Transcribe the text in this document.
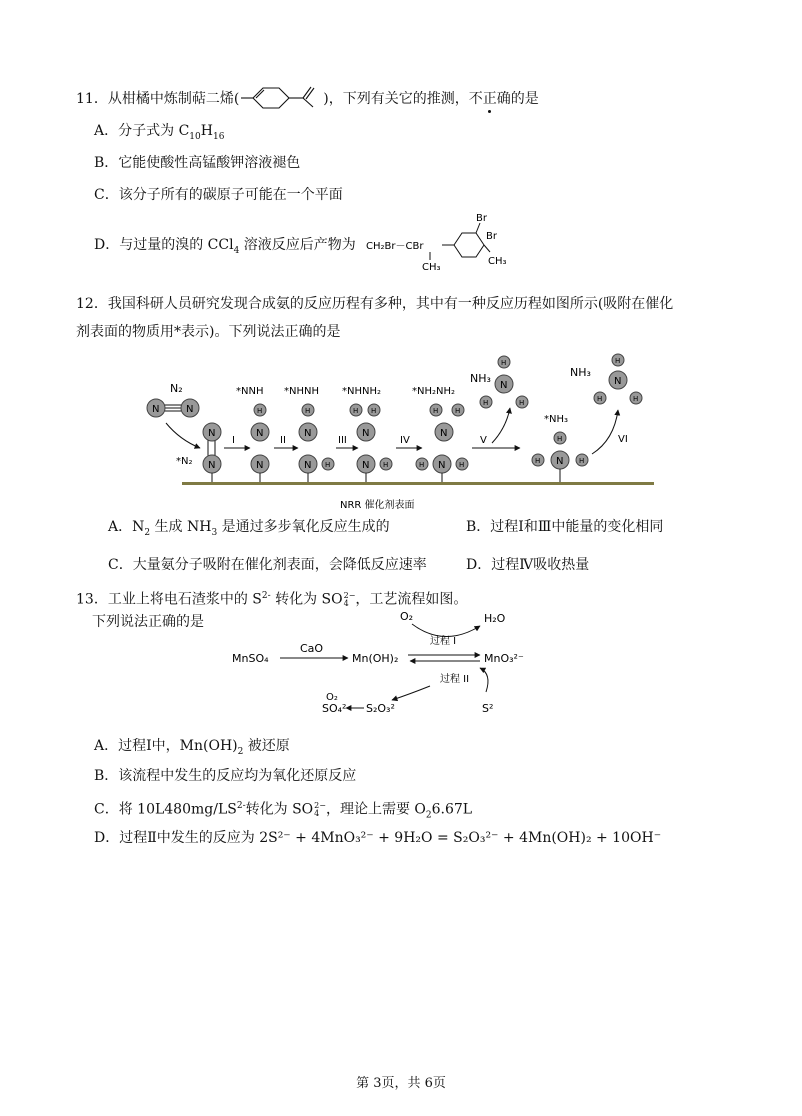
11．从柑橘中炼制萜二烯(	)，下列有关它的推测，不正确的是
A．分子式为 $C_{10}H_{16}$
B．它能使酸性高锰酸钾溶液褪色
C．该分子所有的碳原子可能在一个平面
D．与过量的溴的 CCl$_4$ 溶液反应后产物为 CH₂Br－CBr
CH₃
Br
Br
CH₃
12．我国科研人员研究发现合成氨的反应历程有多种，其中有一种反应历程如图所示(吸附在催化
剂表面的物质用*表示)。下列说法正确的是
NRR 催化剂表面
N₂
N	N
*N₂
N
N
I
*NNH
H
N
N
II
*NHNH
H
N
N H
III
*NHNH₂
H H
N
N H
IV
*NH₂NH₂
H H
N
N
H	H
V
NH₃
H
N
H	H
*NH₃
H
N
H	H
VI
NH₃
H
N
H	H
A．$N_2$ 生成 $NH_3$ 是通过多步氧化反应生成的	B．过程Ⅰ和Ⅲ中能量的变化相同
C．大量氨分子吸附在催化剂表面，会降低反应速率	D．过程Ⅳ吸收热量
13．工业上将电石渣浆中的 $S^{2-}$ 转化为 SO 2−
4 ，工艺流程如图。
下列说法正确的是
MnSO₄
CaO
Mn(OH)₂	MnO₃²⁻
O₂	H₂O
过程 I
过程 II
S²
S₂O₃²
O₂
SO₄²
A．过程Ⅰ中，$Mn(OH)_2$ 被还原
B．该流程中发生的反应均为氧化还原反应
C．将 $10L480mg/LS^{2-}$转化为 SO 2−
4 ，理论上需要 $O_26.67L$
D．过程Ⅱ中发生的反应为 2S²⁻ + 4MnO₃²⁻ + 9H₂O = S₂O₃²⁻ + 4Mn(OH)₂ + 10OH⁻
第 3页，共 6页
